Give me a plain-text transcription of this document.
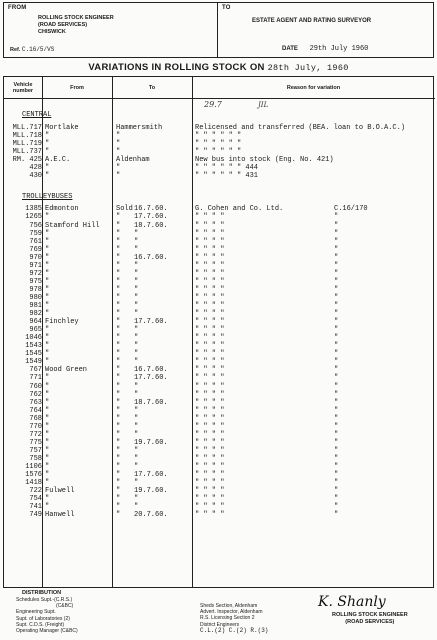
FROM
ROLLING STOCK ENGINEER
(ROAD SERVICES)
CHISWICK
Ref. C.16/5/VS
TO
ESTATE AGENT AND RATING SURVEYOR
DATE 29th July 1960
VARIATIONS IN ROLLING STOCK ON 28th July, 1960
Vehicle number	From	To	Reason for variation
29.7	JIL
CENTRAL
MLL.717 Mortlake	Hammersmith	Relicensed and transferred (BEA. loan to B.O.A.C.)
MLL.718 "	"	" " " " " "
MLL.719 "	"	" " " " " "
MLL.737 "	"	" " " " " "
RM. 425 A.E.C.	Aldenham	New bus into stock (Eng. No. 421)
428 "	"	" " " " " " 444
430 "	"	" " " " " " 431
TROLLEYBUSES
1385 Edmonton	Sold 16.7.60.	G. Cohen and Co. Ltd.	C.16/170
1265 "	" 17.7.60.	" " " "	"
756 Stamford Hill " 18.7.60.	" " " "	"
759 "	" "	" " " "	"
761 "	" "	" " " "	"
769 "	" "	" " " "	"
970 "	" 16.7.60.	" " " "	"
971 "	" "	" " " "	"
972 "	" "	" " " "	"
975 "	" "	" " " "	"
978 "	" "	" " " "	"
980 "	" "	" " " "	"
981 "	" "	" " " "	"
982 "	" "	" " " "	"
964 Finchley	" 17.7.60.	" " " "	"
965 "	" "	" " " "	"
1046 "	" "	" " " "	"
1543 "	" "	" " " "	"
1545 "	" "	" " " "	"
1549 "	" "	" " " "	"
767 Wood Green	" 16.7.60.	" " " "	"
771 "	" 17.7.60.	" " " "	"
760 "	" "	" " " "	"
762 "	" "	" " " "	"
763 "	" 18.7.60.	" " " "	"
764 "	" "	" " " "	"
768 "	" "	" " " "	"
770 "	" "	" " " "	"
772 "	" "	" " " "	"
775 "	" 19.7.60.	" " " "	"
757 "	" "	" " " "	"
758 "	" "	" " " "	"
1106 "	" "	" " " "	"
1576 "	" 17.7.60.	" " " "	"
1418 "	" "	" " " "	"
722 Fulwell	" 19.7.60.	" " " "	"
754 "	" "	" " " "	"
741 "	" "	" " " "	"
749 Hanwell	" 20.7.60.	" " " "	"
DISTRIBUTION
Schedules Supt.-(C.R.S.)
(C&BC)
Engineering Supt.
Supt. of Laboratories (2)
Supt. C.D.S. (Freight)
Operating Manager (C&BC)
Sheds Section, Aldenham
Advert. Inspector, Aldenham
R.S. Licensing Section 2
District Engineers
C.L.(2) C.(2) R.(3)
K. Shanly
ROLLING STOCK ENGINEER
(ROAD SERVICES)
